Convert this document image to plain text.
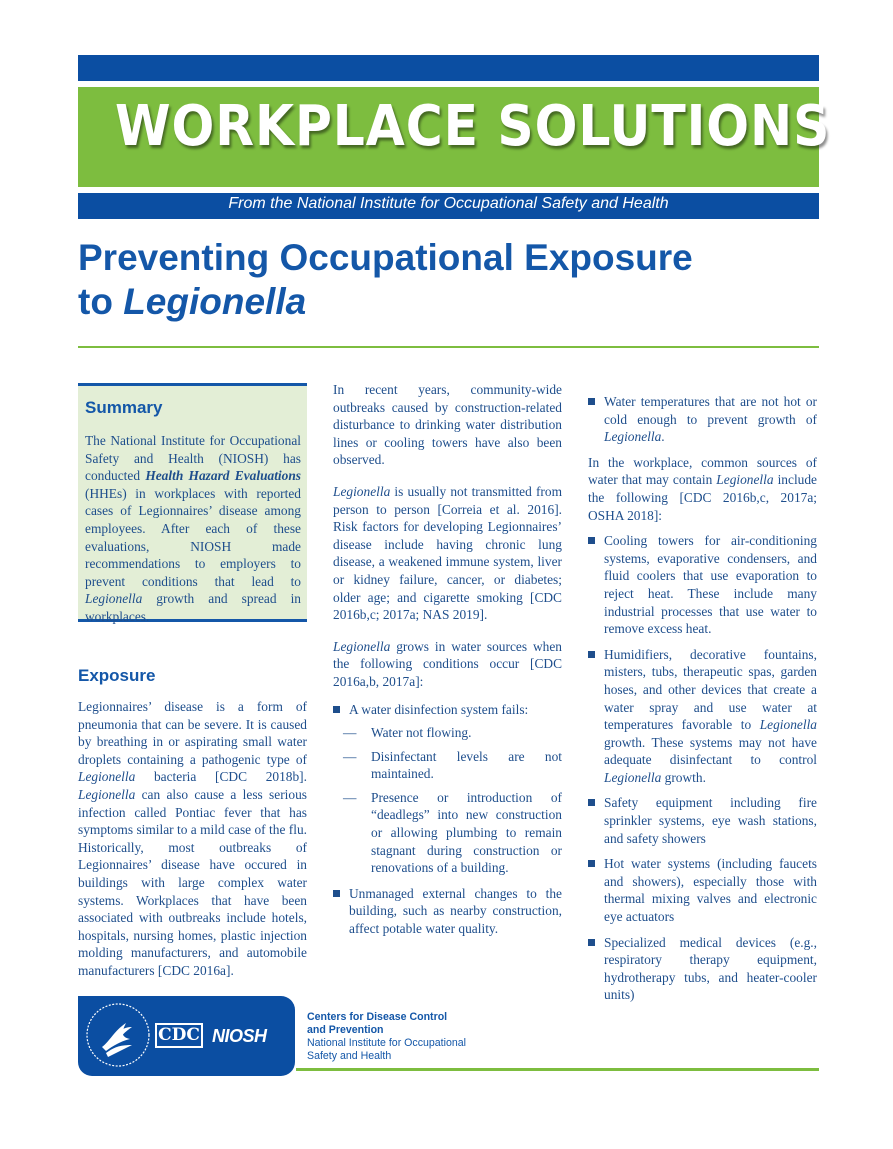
WORKPLACE SOLUTIONS
From the National Institute for Occupational Safety and Health
Preventing Occupational Exposure
to Legionella
Summary
The National Institute for Occupational Safety and Health (NIOSH) has conducted Health Hazard Evaluations (HHEs) in workplaces with reported cases of Legionnaires’ disease among employees. After each of these evaluations, NIOSH made recommendations to employers to prevent conditions that lead to Legionella growth and spread in workplaces.
Exposure
Legionnaires’ disease is a form of pneumonia that can be severe. It is caused by breathing in or aspirating small water droplets containing a pathogenic type of Legionella bacteria [CDC 2018b]. Legionella can also cause a less serious infection called Pontiac fever that has symptoms similar to a mild case of the flu. Historically, most outbreaks of Legionnaires’ disease have occured in buildings with large complex water systems. Workplaces that have been associated with outbreaks include hotels, hospitals, nursing homes, plastic injection molding manufacturers, and automobile manufacturers [CDC 2016a].

In recent years, community-wide outbreaks caused by construction-related disturbance to drinking water distribution lines or cooling towers have also been observed.

Legionella is usually not transmitted from person to person [Correia et al. 2016]. Risk factors for developing Legionnaires’ disease include having chronic lung disease, a weakened immune system, liver or kidney failure, cancer, or diabetes; older age; and cigarette smoking [CDC 2016b,c; 2017a; NAS 2019].

Legionella grows in water sources when the following conditions occur [CDC 2016a,b, 2017a]:

A water disinfection system fails:
— Water not flowing.
— Disinfectant levels are not maintained.
— Presence or introduction of “deadlegs” into new construction or allowing plumbing to remain stagnant during construction or renovations of a building.
Unmanaged external changes to the building, such as nearby construction, affect potable water quality.
Water temperatures that are not hot or cold enough to prevent growth of Legionella.

In the workplace, common sources of water that may contain Legionella include the following [CDC 2016b,c, 2017a; OSHA 2018]:

Cooling towers for air-conditioning systems, evaporative condensers, and fluid coolers that use evaporation to reject heat. These include many industrial processes that use water to remove excess heat.
Humidifiers, decorative fountains, misters, tubs, therapeutic spas, garden hoses, and other devices that create a water spray and use water at temperatures favorable to Legionella growth. These systems may not have adequate disinfectant to control Legionella growth.
Safety equipment including fire sprinkler systems, eye wash stations, and safety showers
Hot water systems (including faucets and showers), especially those with thermal mixing valves and electronic eye actuators
Specialized medical devices (e.g., respiratory therapy equipment, hydrotherapy tubs, and heater-cooler units)
CDC NIOSH
Centers for Disease Control
and Prevention
National Institute for Occupational
Safety and Health
